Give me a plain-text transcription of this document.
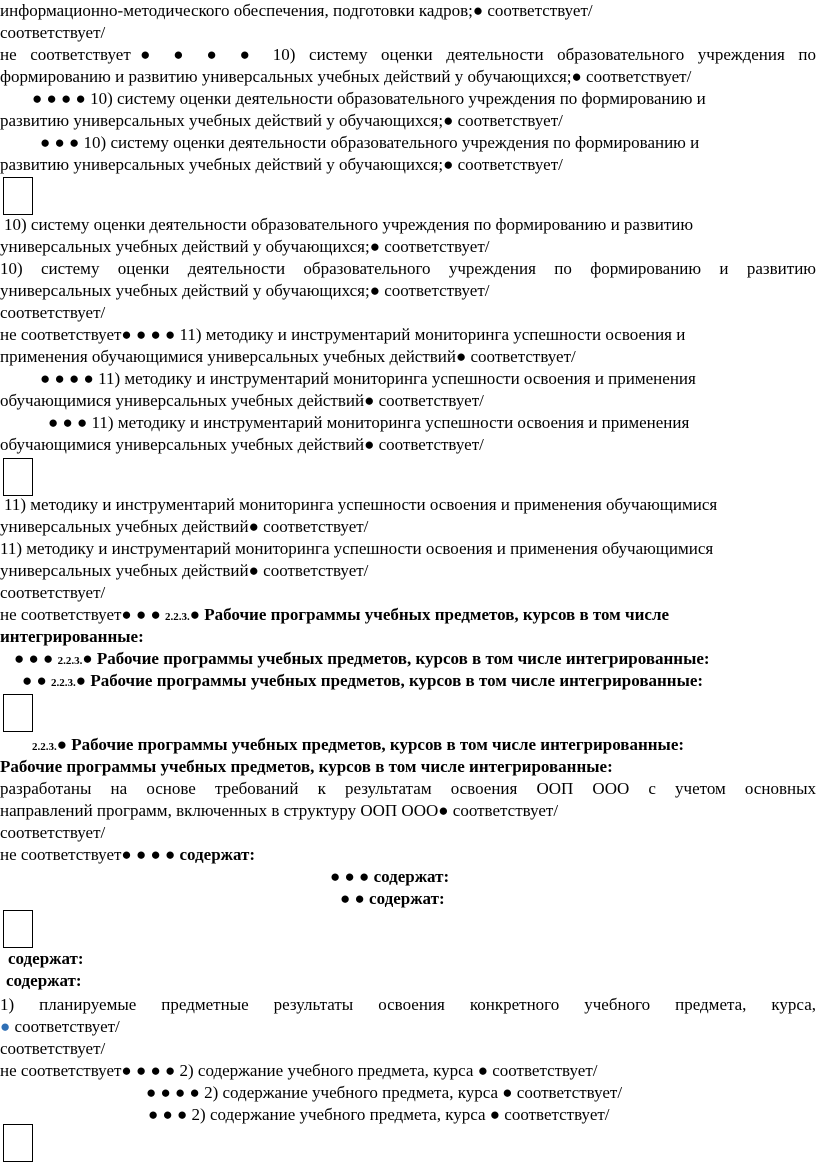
информационно-методического обеспечения, подготовки кадров;● соответствует/
соответствует/
не соответствует● ● ● ● 10) систему оценки деятельности образовательного учреждения по
формированию и развитию универсальных учебных действий у обучающихся;● соответствует/
● ● ● ● 10) систему оценки деятельности образовательного учреждения по формированию и
развитию универсальных учебных действий у обучающихся;● соответствует/
● ● ● 10) систему оценки деятельности образовательного учреждения по формированию и
развитию универсальных учебных действий у обучающихся;● соответствует/
10) систему оценки деятельности образовательного учреждения по формированию и развитию
универсальных учебных действий у обучающихся;● соответствует/
10) систему оценки деятельности образовательного учреждения по формированию и развитию
универсальных учебных действий у обучающихся;● соответствует/
соответствует/
не соответствует● ● ● ● 11) методику и инструментарий мониторинга успешности освоения и
применения обучающимися универсальных учебных действий● соответствует/
● ● ● ● 11) методику и инструментарий мониторинга успешности освоения и применения
обучающимися универсальных учебных действий● соответствует/
● ● ● 11) методику и инструментарий мониторинга успешности освоения и применения
обучающимися универсальных учебных действий● соответствует/
11) методику и инструментарий мониторинга успешности освоения и применения обучающимися
универсальных учебных действий● соответствует/
11) методику и инструментарий мониторинга успешности освоения и применения обучающимися
универсальных учебных действий● соответствует/
соответствует/
не соответствует● ● ● 2.2.3.● Рабочие программы учебных предметов, курсов в том числе
интегрированные:
● ● ● 2.2.3.● Рабочие программы учебных предметов, курсов в том числе интегрированные:
● ● 2.2.3.● Рабочие программы учебных предметов, курсов в том числе интегрированные:
2.2.3.● Рабочие программы учебных предметов, курсов в том числе интегрированные:
Рабочие программы учебных предметов, курсов в том числе интегрированные:
разработаны на основе требований к результатам освоения ООП ООО с учетом основных
направлений программ, включенных в структуру ООП ООО● соответствует/
соответствует/
не соответствует● ● ● ● содержат:
● ● ● содержат:
● ● содержат:
содержат:
содержат:
1) планируемые предметные результаты освоения конкретного учебного предмета, курса,
● соответствует/
соответствует/
не соответствует● ● ● ● 2) содержание учебного предмета, курса ● соответствует/
● ● ● ● 2) содержание учебного предмета, курса ● соответствует/
● ● ● 2) содержание учебного предмета, курса ● соответствует/
